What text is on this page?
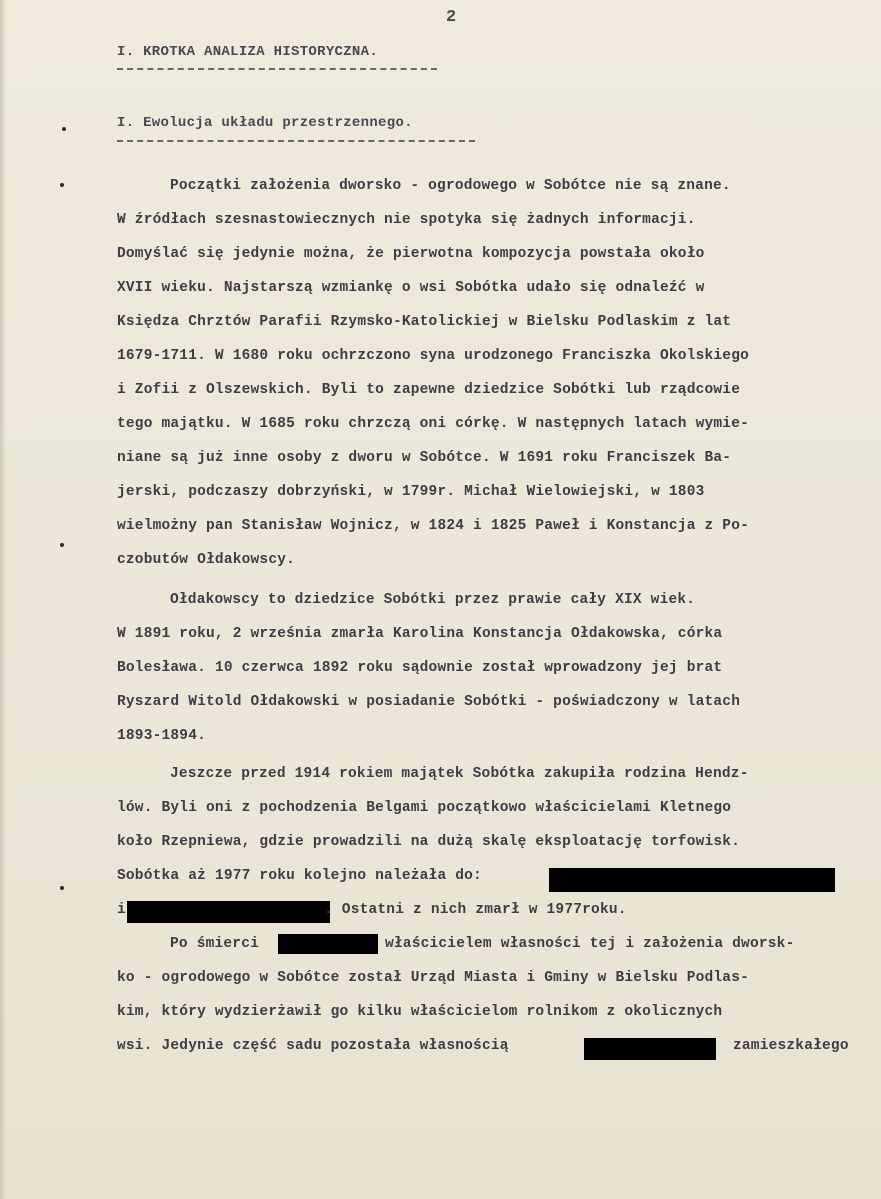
2
I. KROTKA ANALIZA HISTORYCZNA.
I. Ewolucja układu przestrzennego.
Początki założenia dworsko - ogrodowego w Sobótce nie są znane.
W źródłach szesnastowiecznych nie spotyka się żadnych informacji.
Domyślać się jedynie można, że pierwotna kompozycja powstała około
XVII wieku. Najstarszą wzmiankę o wsi Sobótka udało się odnaleźć w
Księdza Chrztów Parafii Rzymsko-Katolickiej w Bielsku Podlaskim z lat
1679-1711. W 1680 roku ochrzczono syna urodzonego Franciszka Okolskiego
i Zofii z Olszewskich. Byli to zapewne dziedzice Sobótki lub rządcowie
tego majątku. W 1685 roku chrzczą oni córkę. W następnych latach wymie-
niane są już inne osoby z dworu w Sobótce. W 1691 roku Franciszek Ba-
jerski, podczaszy dobrzyński, w 1799r. Michał Wielowiejski, w 1803
wielmożny pan Stanisław Wojnicz, w 1824 i 1825 Paweł i Konstancja z Po-
czobutów Ołdakowscy.
Ołdakowscy to dziedzice Sobótki przez prawie cały XIX wiek.
W 1891 roku, 2 września zmarła Karolina Konstancja Ołdakowska, córka
Bolesława. 10 czerwca 1892 roku sądownie został wprowadzony jej brat
Ryszard Witold Ołdakowski w posiadanie Sobótki - poświadczony w latach
1893-1894.
Jeszcze przed 1914 rokiem majątek Sobótka zakupiła rodzina Hendz-
lów. Byli oni z pochodzenia Belgami początkowo właścicielami Kletnego
koło Rzepniewa, gdzie prowadzili na dużą skalę eksploatację torfowisk.
Sobótka aż 1977 roku kolejno należała do:
i	. Ostatni z nich zmarł w 1977roku.
Po śmierci	właścicielem własności tej i założenia dworsk-
ko - ogrodowego w Sobótce został Urząd Miasta i Gminy w Bielsku Podlas-
kim, który wydzierżawił go kilku właścicielom rolnikom z okolicznych
wsi. Jedynie część sadu pozostała własnością	zamieszkałego
